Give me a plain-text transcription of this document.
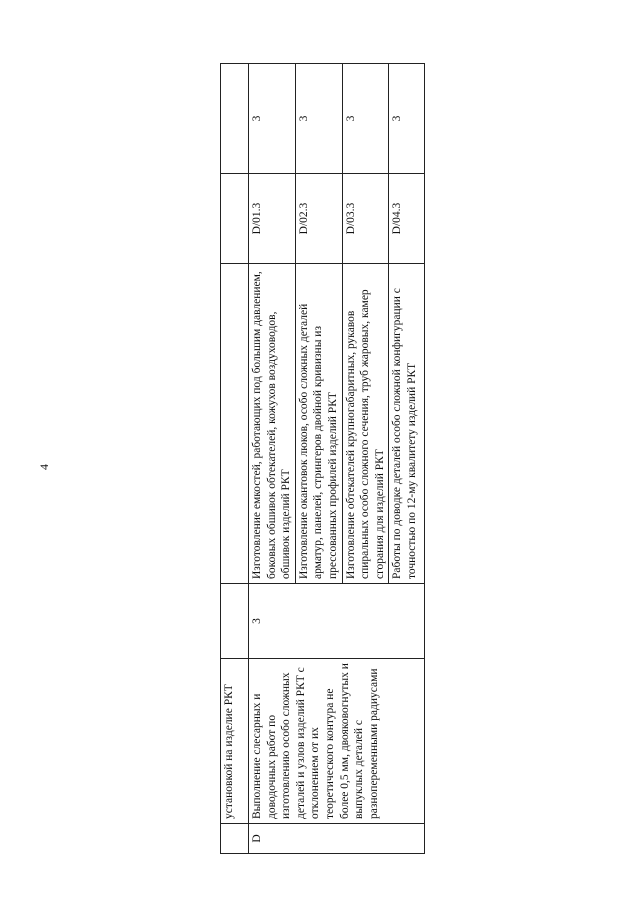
4
	установкой на изделие РКТ				
D	Выполнение слесарных и доводочных работ по изготовлению особо сложных деталей и узлов изделий РКТ с отклонением от их теоретического контура не более 0,5 мм, двояковогнутых и выпуклых деталей с разнопеременными радиусами	3	Изготовление емкостей, работающих под большим давлением, боковых обшивок обтекателей, кожухов воздуховодов, обшивок изделий РКТ	D/01.3	3
			Изготовление окантовок люков, особо сложных деталей арматур, панелей, стрингеров двойной кривизны из прессованных профилей изделий РКТ	D/02.3	3
			Изготовление обтекателей крупногабаритных, рукавов спиральных особо сложного сечения, труб жаровых, камер сгорания для изделий РКТ	D/03.3	3
			Работы по доводке деталей особо сложной конфигурации с точностью по 12-му квалитету изделий РКТ	D/04.3	3
